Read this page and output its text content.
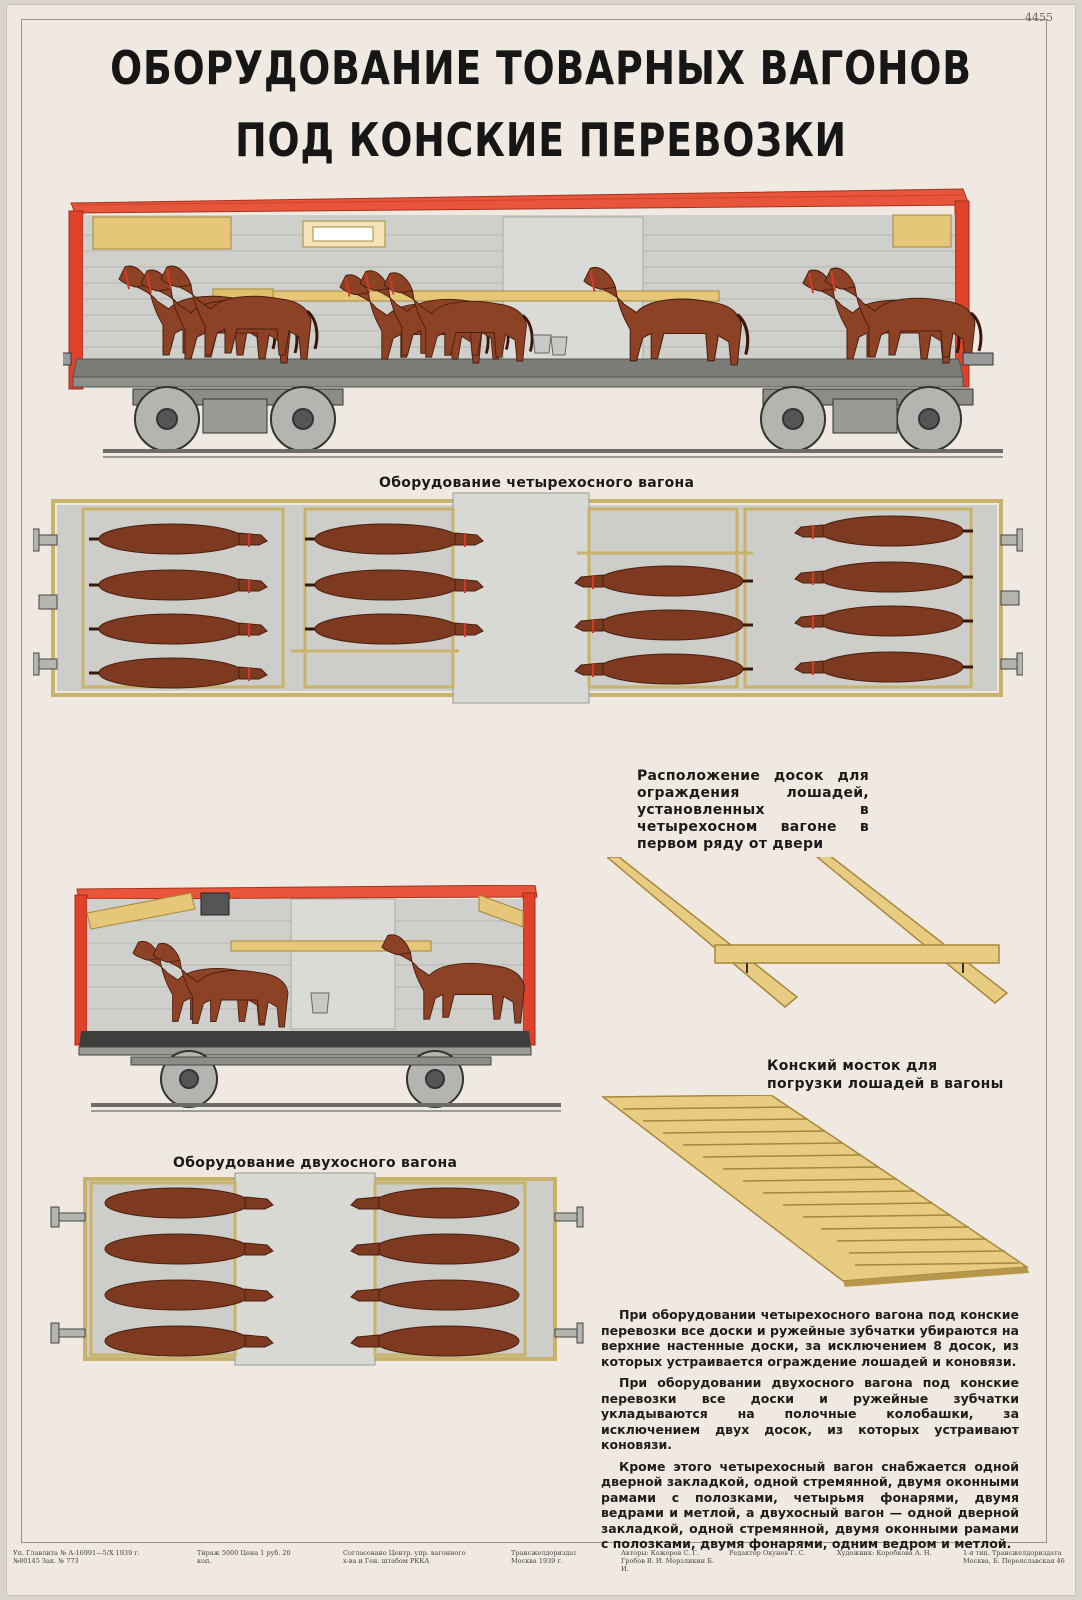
4455
ОБОРУДОВАНИЕ ТОВАРНЫХ ВАГОНОВ
ПОД КОНСКИЕ ПЕРЕВОЗКИ
Оборудование четырехосного вагона
Расположение досок для ограждения лошадей, установленных в четырехосном вагоне в первом ряду от двери
Конский мосток для погрузки лошадей в вагоны
Оборудование двухосного вагона

При оборудовании четырехосного вагона под конские перевозки все доски и ружейные зубчатки убираются на верхние настенные доски, за исключением 8 досок, из которых устраивается ограждение лошадей и коновязи.

При оборудовании двухосного вагона под конские перевозки все доски и ружейные зубчатки укладываются на полочные колобашки, за исключением двух досок, из которых устраивают коновязи.

Кроме этого четырехосный вагон снабжается одной дверной закладкой, одной стремянной, двумя оконными рамами с полозками, четырьмя фонарями, двумя ведрами и метлой, а двухосный вагон — одной дверной закладкой, одной стремянной, двумя оконными рамами с полозками, двумя фонарями, одним ведром и метлой.

Уп. Главлита № А-16991—5/Х 1939 г. №80145 Зак. № 773
Тираж 5000 Цена 1 руб. 20 коп.
Согласовано Центр. упр. вагонного х-ва и Ген. штабом РККА
Трансжелдориздат Москва 1939 г.
Авторы: Кожоров С. Г. Гробов В. И. Мерзликин Б. И.
Редактор Окунев Г. С.	Художник: Коробкова А. Н.	1-я тип. Трансжелдориздата Москва, Б. Переяславская 46
